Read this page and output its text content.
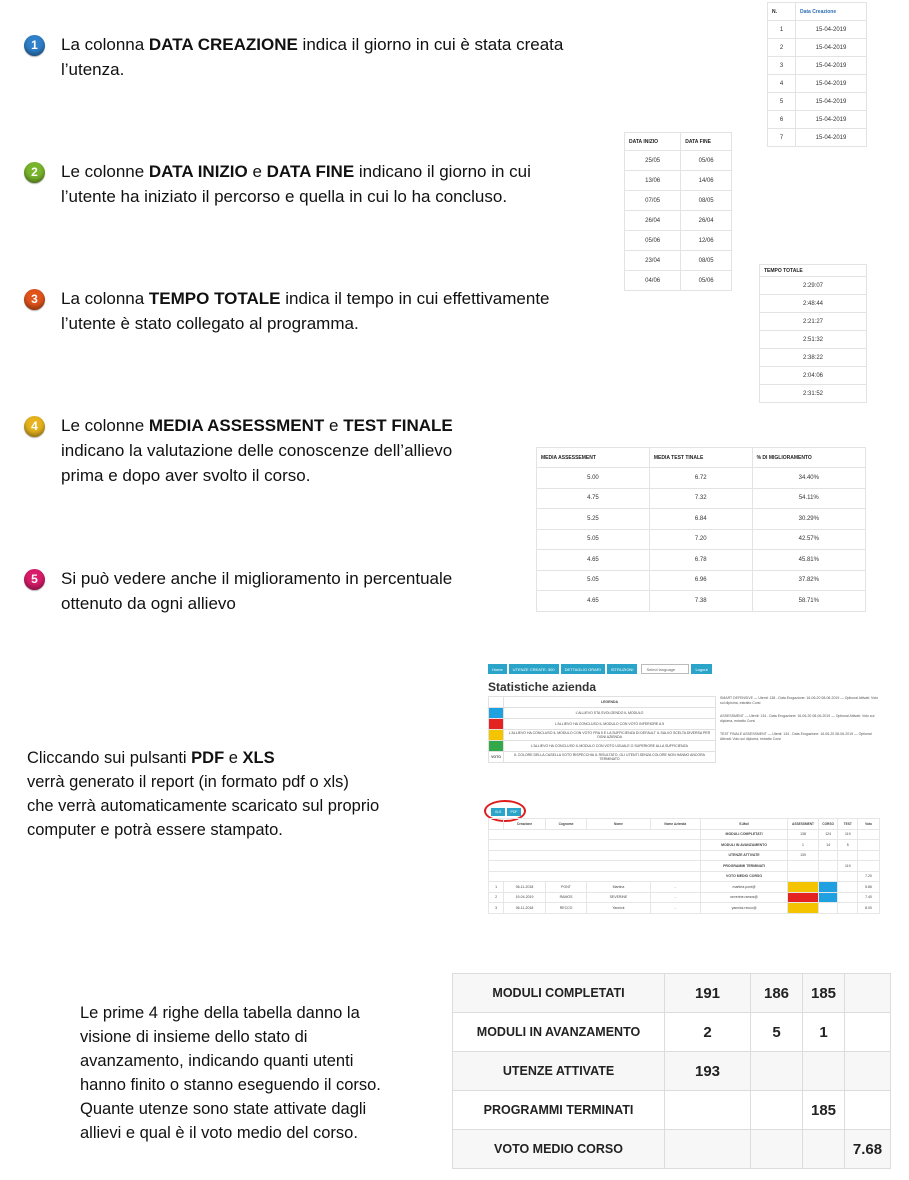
1	La colonna DATA CREAZIONE indica il giorno in cui è stata creata
l’utenza.
2	Le colonne DATA INIZIO e DATA FINE indicano il giorno in cui
l’utente ha iniziato il percorso e quella in cui lo ha concluso.
3	La colonna TEMPO TOTALE indica il tempo in cui effettivamente
l’utente è stato collegato al programma.
4	Le colonne MEDIA ASSESSMENT e TEST FINALE
indicano la valutazione delle conoscenze dell’allievo
prima e dopo aver svolto il corso.
5	Si può vedere anche il miglioramento in percentuale
ottenuto da ogni allievo
N.	Data Creazione
1	15-04-2019
2	15-04-2019
3	15-04-2019
4	15-04-2019
5	15-04-2019
6	15-04-2019
7	15-04-2019
DATA INIZIO	DATA FINE
25/05	05/06
13/06	14/06
07/05	08/05
26/04	26/04
05/06	12/06
23/04	08/05
04/06	05/06
TEMPO TOTALE
2:29:07
2:48:44
2:21:27
2:51:32
2:38:22
2:04:06
2:31:52
MEDIA ASSESSEMENT	MEDIA TEST TINALE	% DI MIGLIORAMENTO
5.00	6.72	34.40%
4.75	7.32	54.11%
5.25	6.84	30.29%
5.05	7.20	42.57%
4.65	6.78	45.81%
5.05	6.96	37.82%
4.65	7.38	58.71%
Cliccando sui pulsanti PDF e XLS
verrà generato il report (in formato pdf o xls)
che verrà automaticamente scaricato sul proprio
computer e potrà essere stampato.
Home	UTENZE CREATE: 300	DETTAGLIO ORARI	ISTRUZIONI	Select language	Logout
Statistiche azienda
	LEGENDA
	L'ALLIEVO STA SVOLGENDO IL MODULO
	L'ALLIEVO HA CONCLUSO IL MODULO CON VOTO INFERIORE A 5
	L'ALLIEVO HA CONCLUSO IL MODULO CON VOTO FRA 5 E LA SUFFICIENZA DI DEFAULT IL SALVO SCELTA DIVERSA PER OGNI AZIENDA
	L'ALLIEVO HA CONCLUSO IL MODULO CON VOTO UGUALE O SUPERIORE ALLA SUFFICIENZA
VOTO	IL COLORE DELLA CASELLA VOTO RISPECCHIA IL RISULTATO, GLI UTENTI SENZA COLORE NON HANNO ANCORA TERMINATO
SMART DEFENSIVE — Utenti: 138 - Data Erogazione: 16-06-20 08-06-2019 — Optional Attivati: Voto sul diploma, estratto Corsi
ASSESSMENT — Utenti: 134 - Data Erogazione: 16-06-20 08-06-2019 — Optional Attivati: Voto sul diploma, estratto Corsi
TEST FINALE ASSESSMENT — Utenti: 134 - Data Erogazione: 16-06-20 08-06-2019 — Optional Attivati: Voto sul diploma, estratto Corsi
XLS	PDF
	Creazione	Cognome	Nome	Nome Azienda	E-Mail	ASSESSMENT	CORSO	TEST	Voto
					MODULI COMPLETATI	138	124	119	
					MODULI IN AVANZAMENTO	1	14	5	
					UTENZE ATTIVATE	139			
					PROGRAMMI TERMINATI			119	
					VOTO MEDIO CORSO				7.20
1	06-11-2018	PONT	Martina	-	martina.pont@				5.86
2	19-04-2019	RAMOS	SEVERINE	-	severine.ramos@				7.40
3	06-11-2018	RECCO	Yannick	-	yannick.recco@				8.00
Le prime 4 righe della tabella danno la
visione di insieme dello stato di
avanzamento, indicando quanti utenti
hanno finito o stanno eseguendo il corso.
Quante utenze sono state attivate dagli
allievi e qual è il voto medio del corso.
MODULI COMPLETATI	191	186	185	
MODULI IN AVANZAMENTO	2	5	1	
UTENZE ATTIVATE	193			
PROGRAMMI TERMINATI			185	
VOTO MEDIO CORSO				7.68
